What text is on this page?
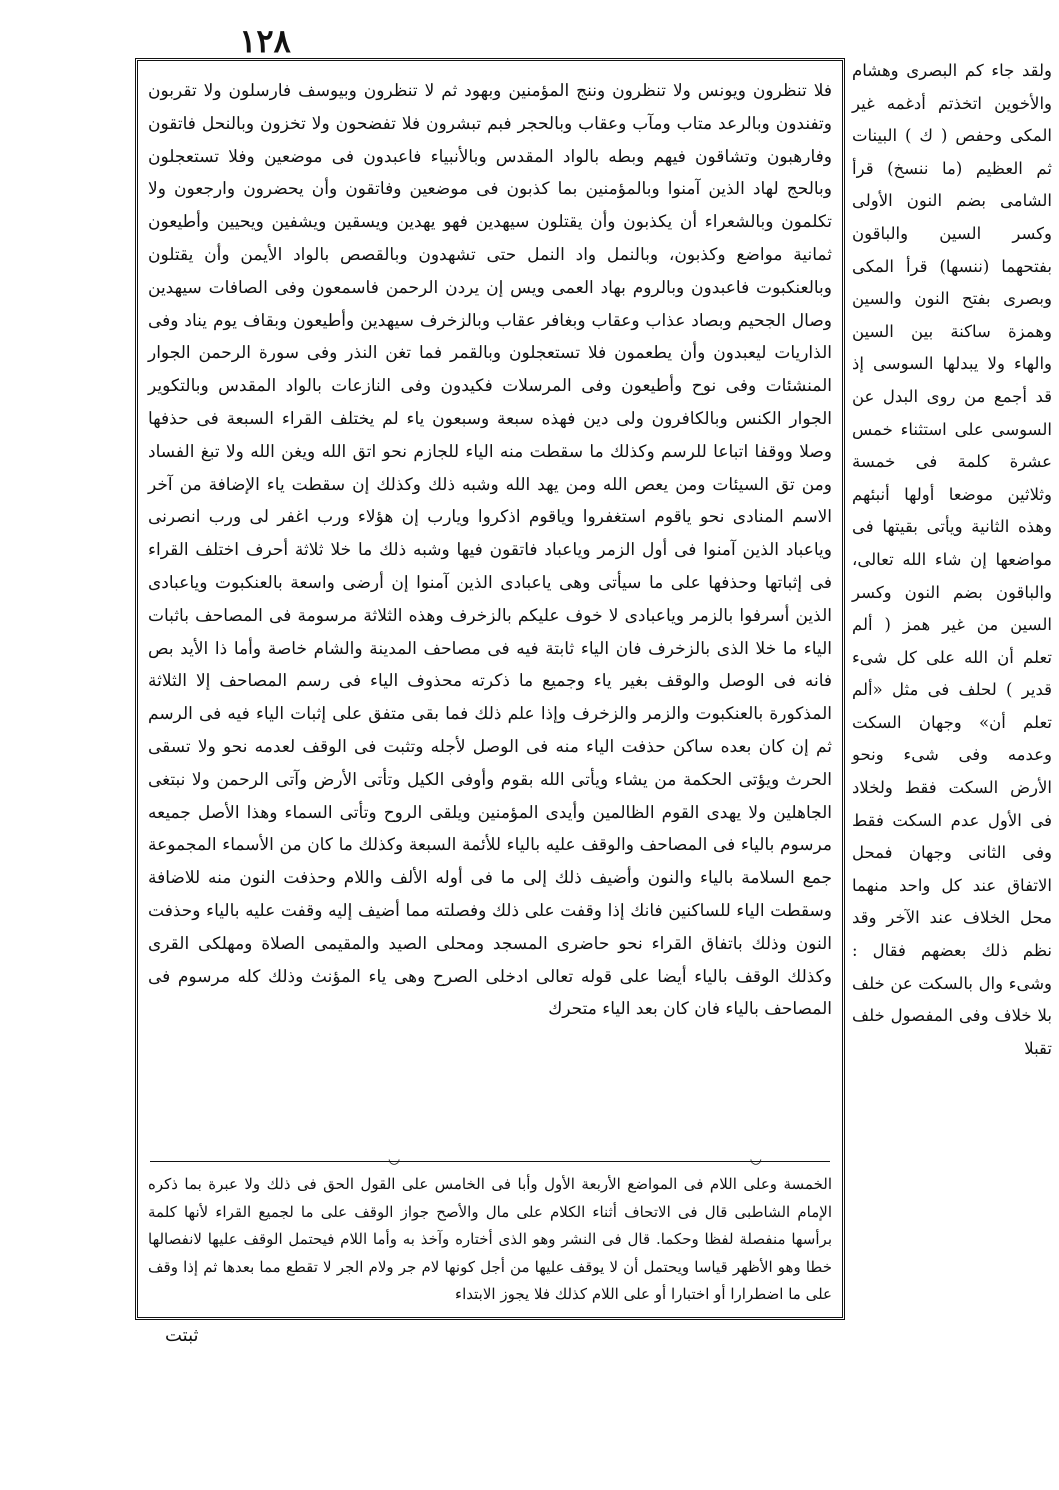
١٢٨

فلا تنظرون ويونس ولا تنظرون وننج المؤمنين وبهود ثم لا تنظرون وبيوسف فارسلون ولا تقربون وتفندون وبالرعد متاب ومآب وعقاب وبالحجر فبم تبشرون فلا تفضحون ولا تخزون وبالنحل فاتقون وفارهبون وتشاقون فيهم وبطه بالواد المقدس وبالأنبياء فاعبدون فى موضعين وفلا تستعجلون وبالحج لهاد الذين آمنوا وبالمؤمنين بما كذبون فى موضعين وفاتقون وأن يحضرون وارجعون ولا تكلمون وبالشعراء أن يكذبون وأن يقتلون سيهدين فهو يهدين ويسقين ويشفين ويحيين وأطيعون ثمانية مواضع وكذبون، وبالنمل واد النمل حتى تشهدون وبالقصص بالواد الأيمن وأن يقتلون وبالعنكبوت فاعبدون وبالروم بهاد العمى ويس إن يردن الرحمن فاسمعون وفى الصافات سيهدين وصال الجحيم وبصاد عذاب وعقاب وبغافر عقاب وبالزخرف سيهدين وأطيعون وبقاف يوم يناد وفى الذاريات ليعبدون وأن يطعمون فلا تستعجلون وبالقمر فما تغن النذر وفى سورة الرحمن الجوار المنشئات وفى نوح وأطيعون وفى المرسلات فكيدون وفى النازعات بالواد المقدس وبالتكوير الجوار الكنس وبالكافرون ولى دين فهذه سبعة وسبعون ياء لم يختلف القراء السبعة فى حذفها وصلا ووقفا اتباعا للرسم وكذلك ما سقطت منه الياء للجازم نحو اتق الله ويغن الله ولا تبغ الفساد ومن تق السيئات ومن يعص الله ومن يهد الله وشبه ذلك وكذلك إن سقطت ياء الإضافة من آخر الاسم المنادى نحو ياقوم استغفروا وياقوم اذكروا ويارب إن هؤلاء ورب اغفر لى ورب انصرنى وياعباد الذين آمنوا فى أول الزمر وياعباد فاتقون فيها وشبه ذلك ما خلا ثلاثة أحرف اختلف القراء فى إثباتها وحذفها على ما سيأتى وهى ياعبادى الذين آمنوا إن أرضى واسعة بالعنكبوت وياعبادى الذين أسرفوا بالزمر وياعبادى لا خوف عليكم بالزخرف وهذه الثلاثة مرسومة فى المصاحف باثبات الياء ما خلا الذى بالزخرف فان الياء ثابتة فيه فى مصاحف المدينة والشام خاصة وأما ذا الأيد بص فانه فى الوصل والوقف بغير ياء وجميع ما ذكرته محذوف الياء فى رسم المصاحف إلا الثلاثة المذكورة بالعنكبوت والزمر والزخرف وإذا علم ذلك فما بقى متفق على إثبات الياء فيه فى الرسم ثم إن كان بعده ساكن حذفت الياء منه فى الوصل لأجله وتثبت فى الوقف لعدمه نحو ولا تسقى الحرث ويؤتى الحكمة من يشاء ويأتى الله بقوم وأوفى الكيل وتأتى الأرض وآتى الرحمن ولا نبتغى الجاهلين ولا يهدى القوم الظالمين وأيدى المؤمنين ويلقى الروح وتأتى السماء وهذا الأصل جميعه مرسوم بالياء فى المصاحف والوقف عليه بالياء للأئمة السبعة وكذلك ما كان من الأسماء المجموعة جمع السلامة بالياء والنون وأضيف ذلك إلى ما فى أوله الألف واللام وحذفت النون منه للاضافة وسقطت الياء للساكنين فانك إذا وقفت على ذلك وفصلته مما أضيف إليه وقفت عليه بالياء وحذفت النون وذلك باتفاق القراء نحو حاضرى المسجد ومحلى الصيد والمقيمى الصلاة ومهلكى القرى وكذلك الوقف بالياء أيضا على قوله تعالى ادخلى الصرح وهى ياء المؤنث وذلك كله مرسوم فى المصاحف بالياء فان كان بعد الياء متحرك

◡
◡

الخمسة وعلى اللام فى المواضع الأربعة الأول وأبا فى الخامس على القول الحق فى ذلك ولا عبرة بما ذكره الإمام الشاطبى قال فى الاتحاف أثناء الكلام على مال والأصح جواز الوقف على ما لجميع القراء لأنها كلمة برأسها منفصلة لفظا وحكما. قال فى النشر وهو الذى أختاره وآخذ به وأما اللام فيحتمل الوقف عليها لانفصالها خطا وهو الأظهر قياسا ويحتمل أن لا يوقف عليها من أجل كونها لام جر ولام الجر لا تقطع مما بعدها ثم إذا وقف على ما اضطرارا أو اختبارا أو على اللام كذلك فلا يجوز الابتداء

ولقد جاء كم البصرى وهشام والأخوين اتخذتم أدغمه غير المكى وحفص ( ك ) البينات ثم العظيم (ما ننسخ) قرأ الشامى بضم النون الأولى وكسر السين والباقون بفتحهما (ننسها) قرأ المكى وبصرى بفتح النون والسين وهمزة ساكنة بين السين والهاء ولا يبدلها السوسى إذ قد أجمع من روى البدل عن السوسى على استثناء خمس عشرة كلمة فى خمسة وثلاثين موضعا أولها أنبئهم وهذه الثانية ويأتى بقيتها فى مواضعها إن شاء الله تعالى، والباقون بضم النون وكسر السين من غير همز ( ألم تعلم أن الله على كل شىء قدير ) لحلف فى مثل «ألم تعلم أن» وجهان السكت وعدمه وفى شىء ونحو الأرض السكت فقط ولخلاد فى الأول عدم السكت فقط وفى الثانى وجهان فمحل الاتفاق عند كل واحد منهما محل الخلاف عند الآخر وقد نظم ذلك بعضهم فقال : وشىء وال بالسكت عن خلف بلا خلاف وفى المفصول خلف تقبلا

ثبتت
